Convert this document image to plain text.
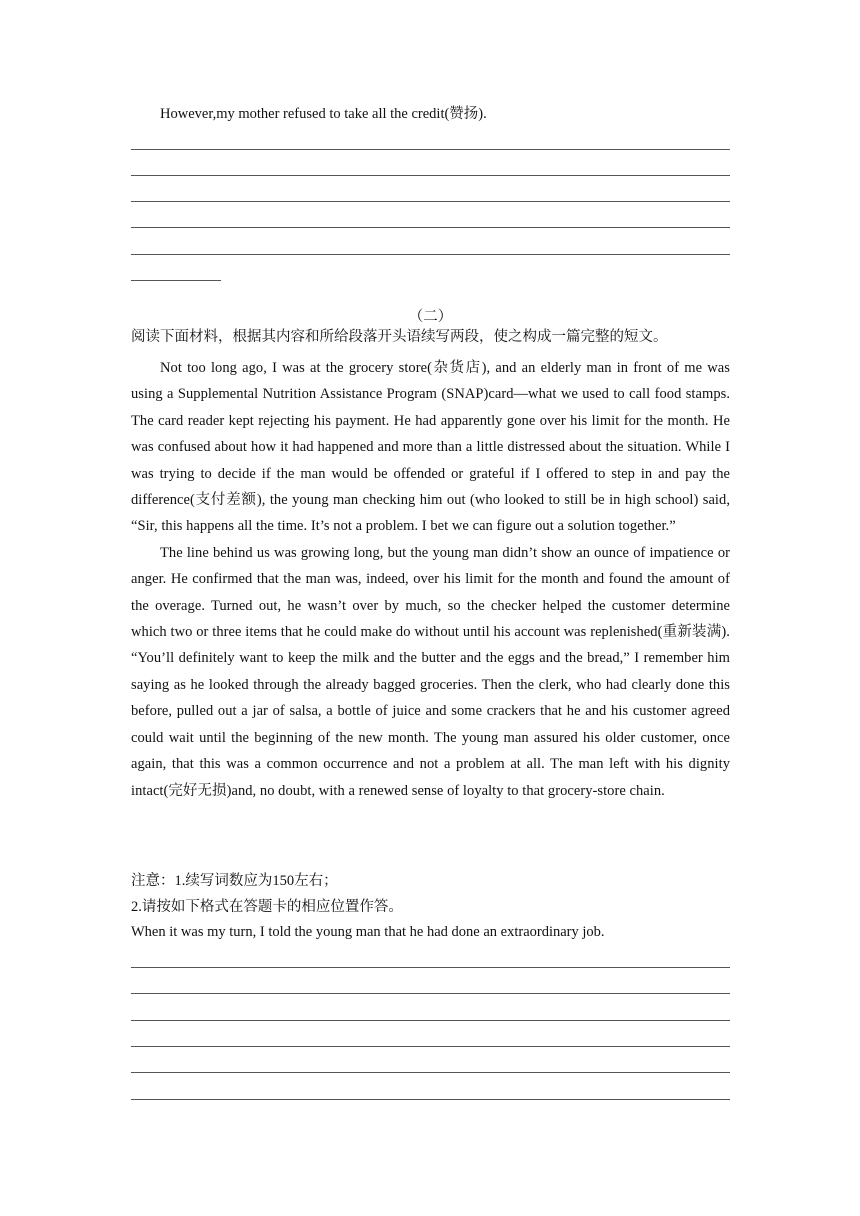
However,my mother refused to take all the credit(赞扬).

（二）

阅读下面材料，根据其内容和所给段落开头语续写两段，使之构成一篇完整的短文。

Not too long ago, I was at the grocery store(杂货店), and an elderly man in front of me was using a Supplemental Nutrition Assistance Program (SNAP)card—what we used to call food stamps. The card reader kept rejecting his payment. He had apparently gone over his limit for the month. He was confused about how it had happened and more than a little distressed about the situation. While I was trying to decide if the man would be offended or grateful if I offered to step in and pay the difference(支付差额), the young man checking him out (who looked to still be in high school) said, “Sir, this happens all the time. It’s not a problem. I bet we can figure out a solution together.”

The line behind us was growing long, but the young man didn’t show an ounce of impatience or anger. He confirmed that the man was, indeed, over his limit for the month and found the amount of the overage. Turned out, he wasn’t over by much, so the checker helped the customer determine which two or three items that he could make do without until his account was replenished(重新装满). “You’ll definitely want to keep the milk and the butter and the eggs and the bread,” I remember him saying as he looked through the already bagged groceries. Then the clerk, who had clearly done this before, pulled out a jar of salsa, a bottle of juice and some crackers that he and his customer agreed could wait until the beginning of the new month. The young man assured his older customer, once again, that this was a common occurrence and not a problem at all. The man left with his dignity intact(完好无损)and, no doubt, with a renewed sense of loyalty to that grocery-store chain.

注意：1.续写词数应为150左右；

2.请按如下格式在答题卡的相应位置作答。

When it was my turn, I told the young man that he had done an extraordinary job.
